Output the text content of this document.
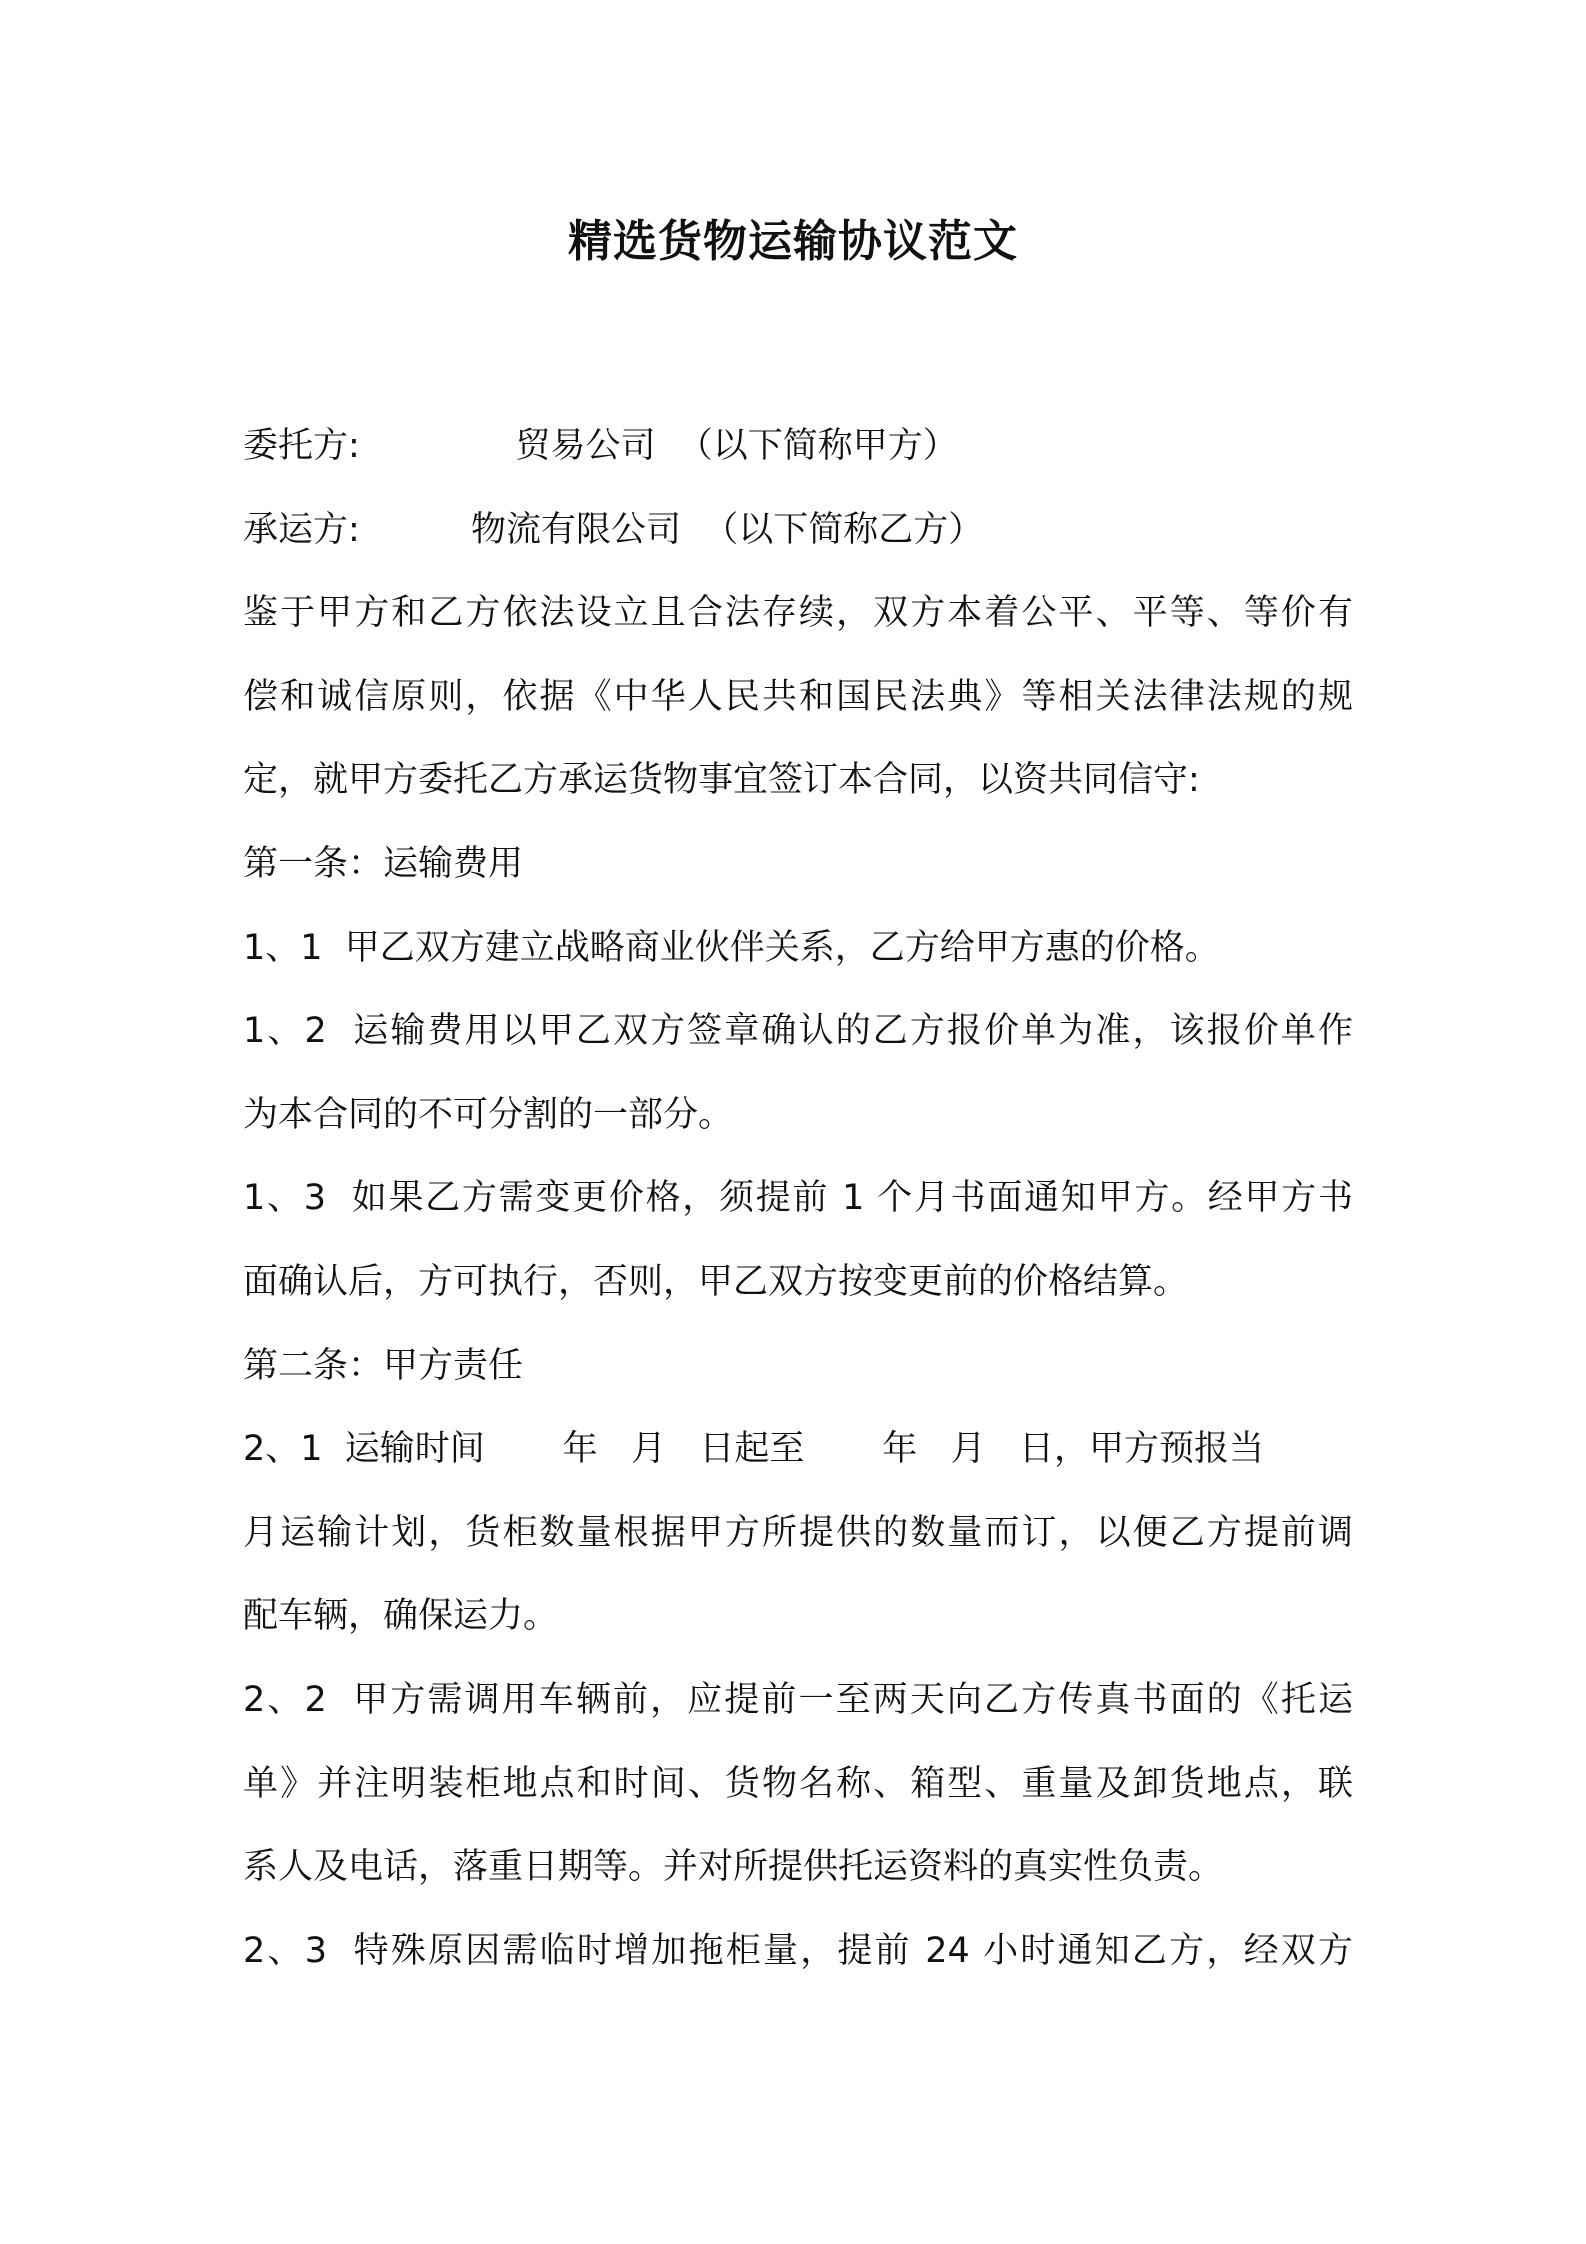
精选货物运输协议范文
委托方:              贸易公司  （以下简称甲方）
承运方:          物流有限公司  （以下简称乙方）
鉴于甲方和乙方依法设立且合法存续，双方本着公平、平等、等价有
偿和诚信原则，依据《中华人民共和国民法典》等相关法律法规的规
定，就甲方委托乙方承运货物事宜签订本合同，以资共同信守:
第一条：运输费用
1、1  甲乙双方建立战略商业伙伴关系，乙方给甲方惠的价格。
1、2  运输费用以甲乙双方签章确认的乙方报价单为准，该报价单作
为本合同的不可分割的一部分。
1、3  如果乙方需变更价格，须提前 1 个月书面通知甲方。经甲方书
面确认后，方可执行，否则，甲乙双方按变更前的价格结算。
第二条：甲方责任
2、1  运输时间       年   月   日起至       年   月   日，甲方预报当
月运输计划，货柜数量根据甲方所提供的数量而订，以便乙方提前调
配车辆，确保运力。
2、2  甲方需调用车辆前，应提前一至两天向乙方传真书面的《托运
单》并注明装柜地点和时间、货物名称、箱型、重量及卸货地点，联
系人及电话，落重日期等。并对所提供托运资料的真实性负责。
2、3  特殊原因需临时增加拖柜量，提前 24 小时通知乙方，经双方
